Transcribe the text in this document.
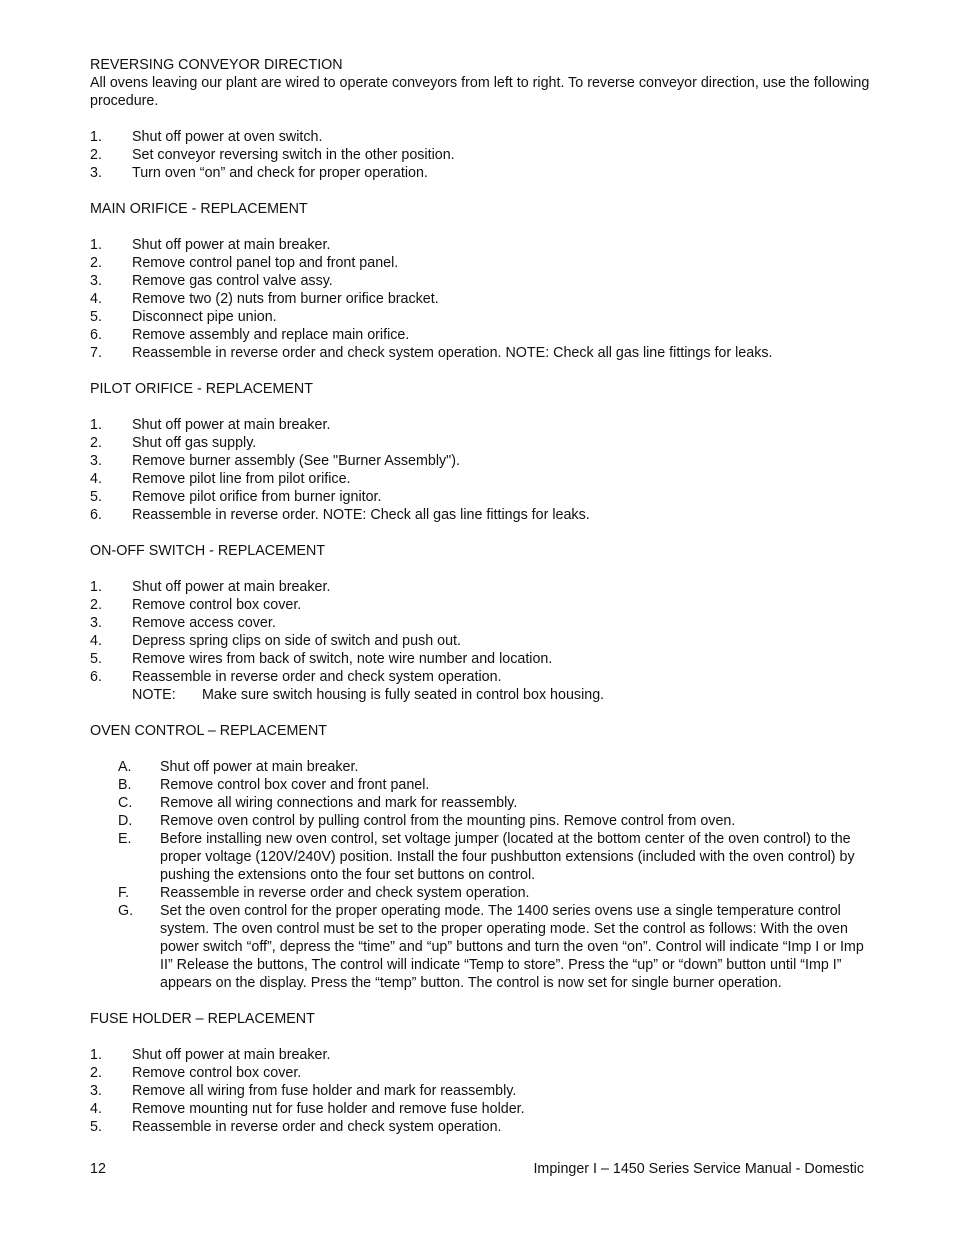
REVERSING CONVEYOR DIRECTION

All ovens leaving our plant are wired to operate conveyors from left to right. To reverse conveyor direction, use the following procedure.

1. Shut off power at oven switch.
2. Set conveyor reversing switch in the other position.
3. Turn oven “on” and check for proper operation.
MAIN ORIFICE - REPLACEMENT
1. Shut off power at main breaker.
2. Remove control panel top and front panel.
3. Remove gas control valve assy.
4. Remove two (2) nuts from burner orifice bracket.
5. Disconnect pipe union.
6. Remove assembly and replace main orifice.
7. Reassemble in reverse order and check system operation. NOTE: Check all gas line fittings for leaks.
PILOT ORIFICE - REPLACEMENT
1. Shut off power at main breaker.
2. Shut off gas supply.
3. Remove burner assembly (See "Burner Assembly").
4. Remove pilot line from pilot orifice.
5. Remove pilot orifice from burner ignitor.
6. Reassemble in reverse order. NOTE: Check all gas line fittings for leaks.
ON-OFF SWITCH - REPLACEMENT
1. Shut off power at main breaker.
2. Remove control box cover.
3. Remove access cover.
4. Depress spring clips on side of switch and push out.
5. Remove wires from back of switch, note wire number and location.
6. Reassemble in reverse order and check system operation.
NOTE: Make sure switch housing is fully seated in control box housing.
OVEN CONTROL – REPLACEMENT
A. Shut off power at main breaker.
B. Remove control box cover and front panel.
C. Remove all wiring connections and mark for reassembly.
D. Remove oven control by pulling control from the mounting pins. Remove control from oven.
E. Before installing new oven control, set voltage jumper (located at the bottom center of the oven control) to the proper voltage (120V/240V) position. Install the four pushbutton extensions (included with the oven control) by pushing the extensions onto the four set buttons on control.
F. Reassemble in reverse order and check system operation.
G. Set the oven control for the proper operating mode. The 1400 series ovens use a single temperature control system. The oven control must be set to the proper operating mode. Set the control as follows: With the oven power switch “off”, depress the “time” and “up” buttons and turn the oven “on”. Control will indicate “Imp I or Imp II” Release the buttons, The control will indicate “Temp to store”. Press the “up” or “down” button until “Imp I” appears on the display. Press the “temp” button. The control is now set for single burner operation.
FUSE HOLDER – REPLACEMENT
1. Shut off power at main breaker.
2. Remove control box cover.
3. Remove all wiring from fuse holder and mark for reassembly.
4. Remove mounting nut for fuse holder and remove fuse holder.
5. Reassemble in reverse order and check system operation.
12	Impinger I – 1450 Series Service Manual - Domestic
